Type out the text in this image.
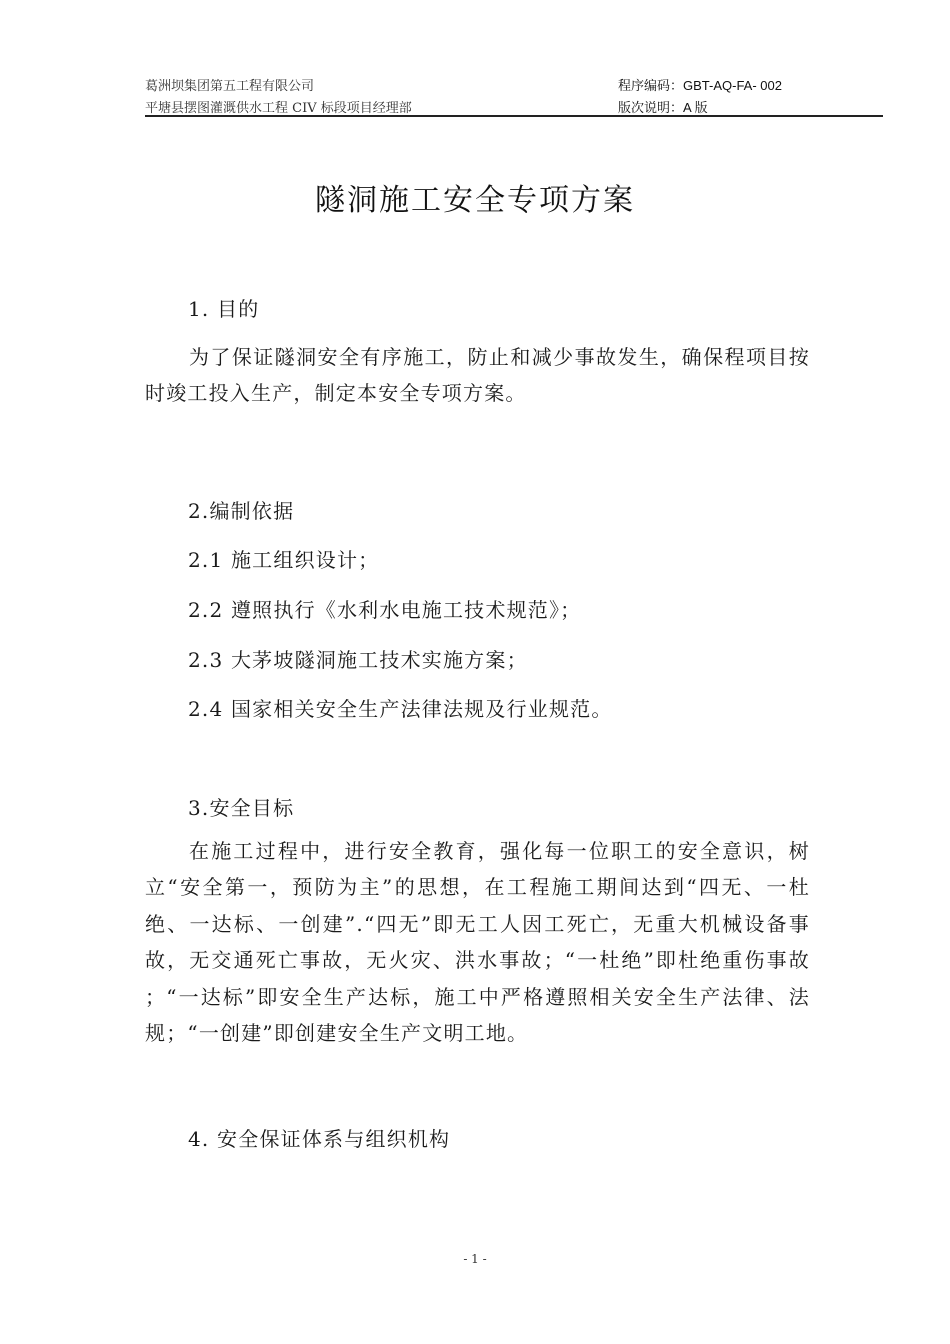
葛洲坝集团第五工程有限公司	程序编码：GBT-AQ-FA- 002
平塘县摆图灌溉供水工程 CIV 标段项目经理部	版次说明：A 版
隧洞施工安全专项方案

1. 目的

为了保证隧洞安全有序施工，防止和减少事故发生，确保程项目按时竣工投入生产，制定本安全专项方案。

2.编制依据

2.1 施工组织设计；

2.2 遵照执行《水利水电施工技术规范》；

2.3 大茅坡隧洞施工技术实施方案；

2.4 国家相关安全生产法律法规及行业规范。

3.安全目标

在施工过程中，进行安全教育，强化每一位职工的安全意识，树立“安全第一，预防为主”的思想，在工程施工期间达到“四无、一杜绝、一达标、一创建”.“四无”即无工人因工死亡，无重大机械设备事故，无交通死亡事故，无火灾、洪水事故；“一杜绝”即杜绝重伤事故 ；“一达标”即安全生产达标，施工中严格遵照相关安全生产法律、法规；“一创建”即创建安全生产文明工地。

4. 安全保证体系与组织机构

- 1 -
